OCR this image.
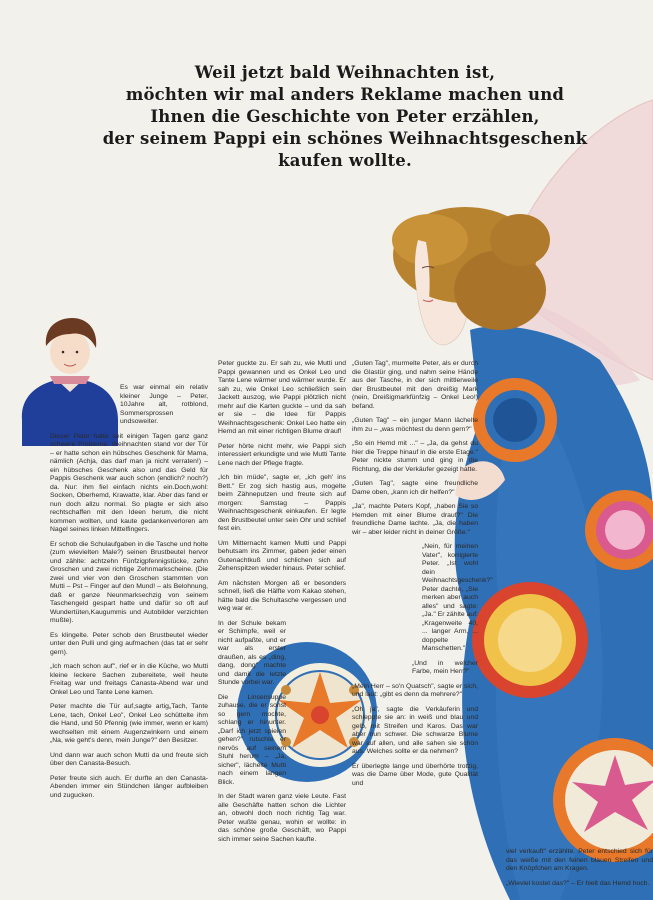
Weil jetzt bald Weihnachten ist,
möchten wir mal anders Reklame machen und
Ihnen die Geschichte von Peter erzählen,
der seinem Pappi ein schönes Weihnachtsgeschenk
kaufen wollte.

Es war einmal ein relativ kleiner Junge – Peter, 10Jahre alt, rotblond, Sommersprossen undsoweiter.

Dieser Peter hatte seit einigen Tagen ganz ganz schwere Probleme. Weihnachten stand vor der Tür – er hatte schon ein hübsches Geschenk für Mama, nämlich (Achja, das darf man ja nicht verraten!) – ein hübsches Geschenk also und das Geld für Pappis Geschenk war auch schon (endlich? noch?) da. Nur: ihm fiel einfach nichts ein.Doch,wohl: Socken, Oberhemd, Krawatte, klar. Aber das fand er nun doch allzu normal. So plagte er sich also rechtschaffen mit den Ideen herum, die nicht kommen wollten, und kaute gedankenverloren am Nagel seines linken Mittelfingers.

Er schob die Schulaufgaben in die Tasche und holte (zum wievielten Male?) seinen Brustbeutel hervor und zählte: achtzehn Fünfzigpfennigstücke, zehn Groschen und zwei richtige Zehnmarkscheine. (Die zwei und vier von den Groschen stammten von Mutti – Pst – Finger auf den Mund! – als Belohnung, daß er ganze Neunmarksechzig von seinem Taschengeld gespart hatte und dafür so oft auf Wundertüten,Kaugummis und Autobilder verzichten mußte).

Es klingelte. Peter schob den Brustbeutel wieder unter den Pulli und ging aufmachen (das tat er sehr gern).

„Ich mach schon auf", rief er in die Küche, wo Mutti kleine leckere Sachen zubereitete, weil heute Freitag war und freitags Canasta-Abend war und Onkel Leo und Tante Lene kamen.

Peter machte die Tür auf,sagte artig„Tach, Tante Lene, tach, Onkel Leo", Onkel Leo schüttelte ihm die Hand, und 50 Pfennig (wie immer, wenn er kam) wechselten mit einem Augenzwinkern und einem „Na, wie geht's denn, mein Junge?" den Besitzer.

Und dann war auch schon Mutti da und freute sich über den Canasta-Besuch.

Peter freute sich auch. Er durfte an den Canasta-Abenden immer ein Stündchen länger aufbleiben und zugucken.

Peter guckte zu. Er sah zu, wie Mutti und Pappi gewannen und es Onkel Leo und Tante Lene wärmer und wärmer wurde. Er sah zu, wie Onkel Leo schließlich sein Jackett auszog, wie Pappi plötzlich nicht mehr auf die Karten guckte – und da sah er sie – die Idee für Pappis Weihnachtsgeschenk: Onkel Leo hatte ein Hemd an mit einer richtigen Blume drauf!

Peter hörte nicht mehr, wie Pappi sich interessiert erkundigte und wie Mutti Tante Lene nach der Pflege fragte.

„Ich bin müde", sagte er, „ich geh' ins Bett." Er zog sich hastig aus, mogelte beim Zähneputzen und freute sich auf morgen: Samstag – Pappis Weihnachtsgeschenk einkaufen. Er legte den Brustbeutel unter sein Ohr und schlief fest ein.

Um Mitternacht kamen Mutti und Pappi behutsam ins Zimmer, gaben jeder einen Gutenachtkuß und schlichen sich auf Zehenspitzen wieder hinaus. Peter schlief.

Am nächsten Morgen aß er besonders schnell, ließ die Hälfte vom Kakao stehen, hätte bald die Schultasche vergessen und weg war er.

In der Schule bekam er Schimpfe, weil er nicht aufpaßte, und er war als erster draußen, als es „ding, dang, dong" machte und damit die letzte Stunde vorbei war.

Die Linsensuppe zuhause, die er sonst so gern mochte, schlang er hinunter. „Darf ich jetzt spielen gehen?" rutschte er nervös auf seinem Stuhl herum – „Ja, sicher", lächelte Mutti nach einem langen Blick.

In der Stadt waren ganz viele Leute. Fast alle Geschäfte hatten schon die Lichter an, obwohl doch noch richtig Tag war. Peter wußte genau, wohin er wollte: in das schöne große Geschäft, wo Pappi sich immer seine Sachen kaufte.

„Guten Tag", murmelte Peter, als er durch die Glastür ging, und nahm seine Hände aus der Tasche, in der sich mittlerweile der Brustbeutel mit den dreißig Mark (nein, Dreißigmarkfünfzig – Onkel Leo!) befand.

„Guten Tag" – ein junger Mann lächelte ihm zu – „was möchtest du denn gern?"

„So ein Hemd mit ..." – „Ja, da gehst du hier die Treppe hinauf in die erste Etage." Peter nickte stumm und ging in die Richtung, die der Verkäufer gezeigt hatte.

„Guten Tag", sagte eine freundliche Dame oben, „kann ich dir helfen?"

„Ja", machte Peters Kopf, „haben Sie so Hemden mit einer Blume drauf?" Die freundliche Dame lachte. „Ja, die haben wir – aber leider nicht in deiner Größe."

„Nein, für meinen Vater", korrigierte Peter. „Ist wohl dein Weihnachtsgeschenk?" Peter dachte, „Sie merken aber auch alles" und sagte: „Ja." Er zählte auf: „Kragenweite 40, ... langer Arm, ... doppelte Manschetten."

„Und in welcher Farbe, mein Herr?"

„Mein Herr – so'n Quatsch", sagte er sich, und laut: „gibt es denn da mehrere?"

„Oh ja", sagte die Verkäuferin und schleppte sie an: in weiß und blau und gelb, mit Streifen und Karos. Das war aber nun schwer. Die schwarze Blume war auf allen, und alle sahen sie schön aus. Welches sollte er da nehmen?

Er überlegte lange und überhörte trotzig, was die Dame über Mode, gute Qualität und

viel verkauft" erzählte. Peter entschied sich für das weiße mit den feinen blauen Streifen und den Knöpfchen am Kragen.

„Wieviel kostet das?" – Er hielt das Hemd hoch.
